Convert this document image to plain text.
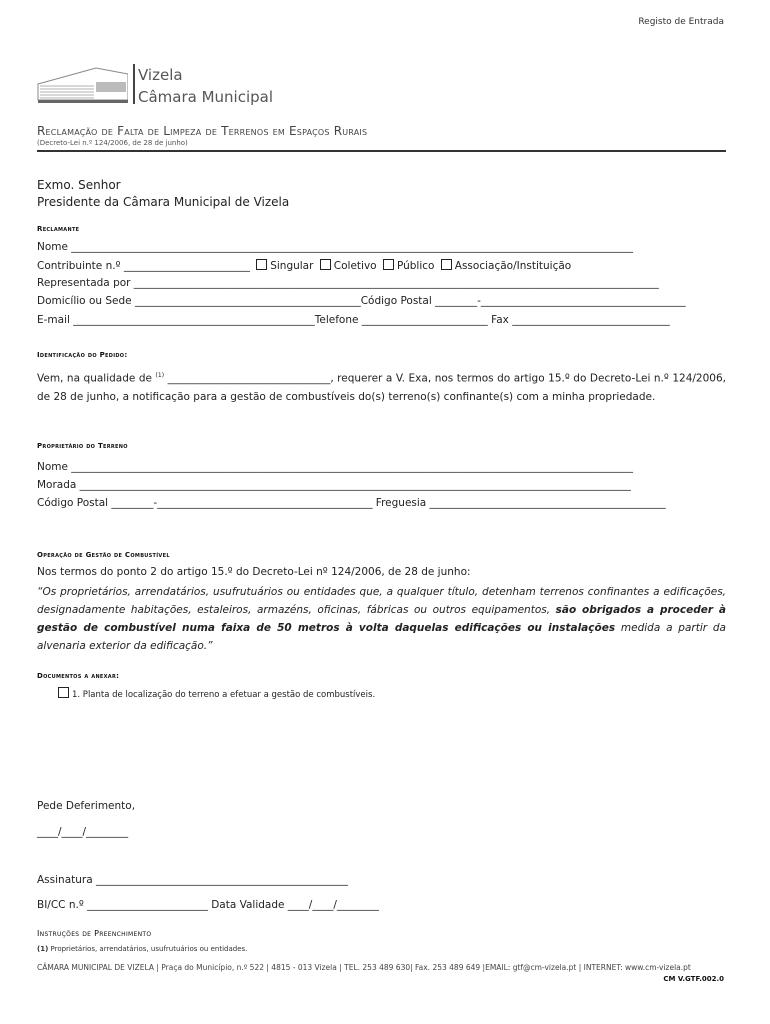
Registo de Entrada
Vizela
Câmara Municipal
Reclamação de Falta de Limpeza de Terrenos em Espaços Rurais
(Decreto-Lei n.º 124/2006, de 28 de junho)
Exmo. Senhor
Presidente da Câmara Municipal de Vizela
Reclamante
Nome ___________________________________________________________________________________________________________
Contribuinte n.º ________________________ Singular Coletivo Público Associação/Instituição
Representada por ____________________________________________________________________________________________________
Domicílio ou Sede ___________________________________________Código Postal ________-_______________________________________
E-mail ______________________________________________Telefone ________________________ Fax ______________________________
Identificação do Pedido:
Vem, na qualidade de $^{(1)}$ _______________________________, requerer a V. Exa, nos termos do artigo 15.º do Decreto-Lei n.º 124/2006, de 28 de junho, a notificação para a gestão de combustíveis do(s) terreno(s) confinante(s) com a minha propriedade.
Proprietário do Terreno
Nome ___________________________________________________________________________________________________________
Morada _________________________________________________________________________________________________________
Código Postal ________-_________________________________________ Freguesia _____________________________________________
Operação de Gestão de Combustível
Nos termos do ponto 2 do artigo 15.º do Decreto-Lei nº 124/2006, de 28 de junho:
“Os proprietários, arrendatários, usufrutuários ou entidades que, a qualquer título, detenham terrenos confinantes a edificações, designadamente habitações, estaleiros, armazéns, oficinas, fábricas ou outros equipamentos, são obrigados a proceder à gestão de combustível numa faixa de 50 metros à volta daquelas edificações ou instalações medida a partir da alvenaria exterior da edificação.”
Documentos a anexar:
1. Planta de localização do terreno a efetuar a gestão de combustíveis.
Pede Deferimento,
____/____/________
Assinatura ________________________________________________
BI/CC n.º _______________________ Data Validade ____/____/________
Instruções de Preenchimento
(1) Proprietários, arrendatários, usufrutuários ou entidades.
CÂMARA MUNICIPAL DE VIZELA | Praça do Município, n.º 522 | 4815 - 013 Vizela | TEL. 253 489 630| Fax. 253 489 649 |EMAIL: gtf@cm-vizela.pt | INTERNET: www.cm-vizela.pt
CM V.GTF.002.0
